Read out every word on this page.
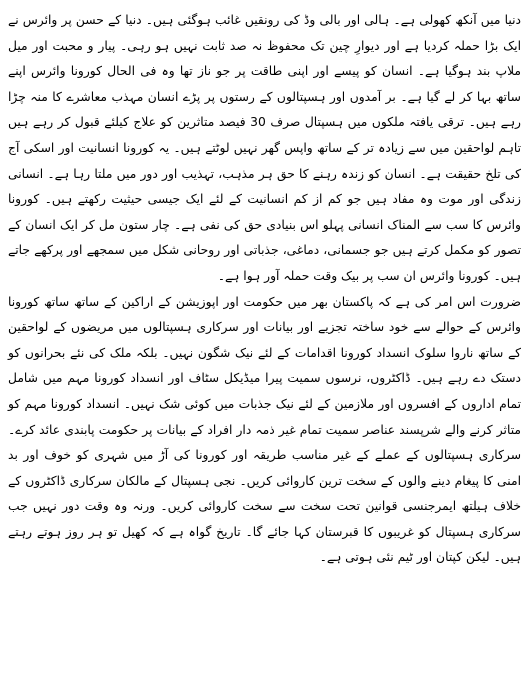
دنیا میں آنکھ کھولی ہے۔ ہالی اور بالی وڈ کی رونقیں غائب ہوگئی ہیں۔ دنیا کے حسن پر وائرس نے ایک بڑا حملہ کردیا ہے اور دیوارِ چین تک محفوظ نہ صد ثابت نہیں ہو رہی۔ پیار و محبت اور میل ملاپ بند ہوگیا ہے۔ انسان کو پیسے اور اپنی طاقت پر جو ناز تھا وہ فی الحال کورونا وائرس اپنے ساتھ بہا کر لے گیا ہے۔ بر آمدوں اور ہسپتالوں کے رستوں پر پڑے انسان مہذب معاشرے کا منہ چڑا رہے ہیں۔ ترقی یافتہ ملکوں میں ہسپتال صرف 30 فیصد متاثرین کو علاج کیلئے قبول کر رہے ہیں تاہم لواحقین میں سے زیادہ تر کے ساتھ واپس گھر نہیں لوٹتے ہیں۔ یہ کورونا انسانیت اور اسکی آج کی تلخ حقیقت ہے۔ انسان کو زندہ رہنے کا حق ہر مذہب، تہذیب اور دور میں ملتا رہا ہے۔ انسانی زندگی اور موت وہ مفاد ہیں جو کم از کم انسانیت کے لئے ایک جیسی حیثیت رکھتے ہیں۔ کورونا وائرس کا سب سے المناک انسانی پہلو اس بنیادی حق کی نفی ہے۔ چار ستون مل کر ایک انسان کے تصور کو مکمل کرتے ہیں جو جسمانی، دماغی، جذباتی اور روحانی شکل میں سمجھے اور پرکھے جاتے ہیں۔ کورونا وائرس ان سب پر بیک وقت حملہ آور ہوا ہے۔

ضرورت اس امر کی ہے کہ پاکستان بھر میں حکومت اور اپوزیشن کے اراکین کے ساتھ ساتھ کورونا وائرس کے حوالے سے خود ساختہ تجزیے اور بیانات اور سرکاری ہسپتالوں میں مریضوں کے لواحقین کے ساتھ ناروا سلوک انسداد کورونا اقدامات کے لئے نیک شگون نہیں۔ بلکہ ملک کی نئے بحرانوں کو دستک دے رہے ہیں۔ ڈاکٹروں، نرسوں سمیت پیرا میڈیکل سٹاف اور انسداد کورونا مہم میں شامل تمام اداروں کے افسروں اور ملازمین کے لئے نیک جذبات میں کوئی شک نہیں۔ انسداد کورونا مہم کو متاثر کرنے والے شرپسند عناصر سمیت تمام غیر ذمہ دار افراد کے بیانات پر حکومت پابندی عائد کرے۔ سرکاری ہسپتالوں کے عملے کے غیر مناسب طریقہ اور کورونا کی آڑ میں شہری کو خوف اور بد امنی کا پیغام دینے والوں کے سخت ترین کاروائی کریں۔ نجی ہسپتال کے مالکان سرکاری ڈاکٹروں کے خلاف ہیلتھ ایمرجنسی قوانین تحت سخت سے سخت کاروائی کریں۔ ورنہ وہ وقت دور نہیں جب سرکاری ہسپتال کو غریبوں کا قبرستان کہا جائے گا۔ تاریخ گواہ ہے کہ کھیل تو ہر روز ہوتے رہتے ہیں۔ لیکن کپتان اور ٹیم نئی ہوتی ہے۔
